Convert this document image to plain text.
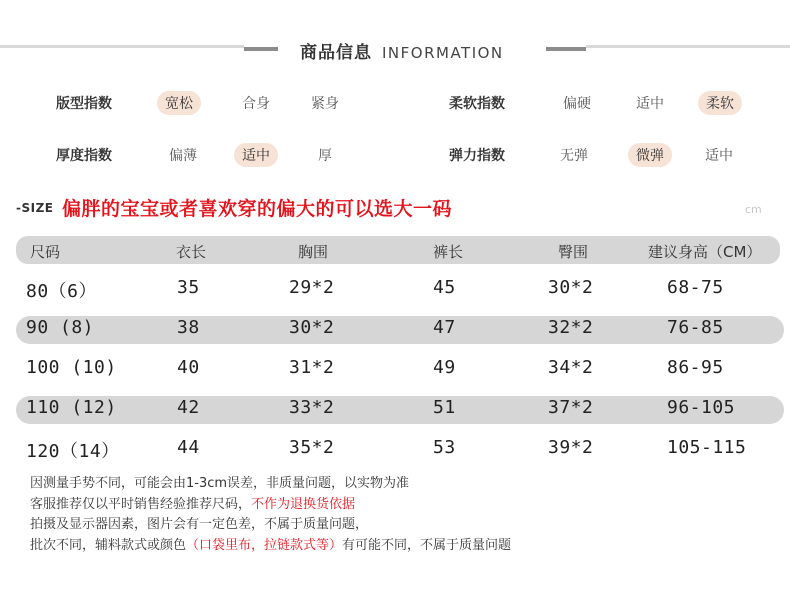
商品信息 INFORMATION
版型指数	宽松	合身	紧身	柔软指数	偏硬	适中	柔软
厚度指数	偏薄	适中	厚	弹力指数	无弹	微弹	适中
-SIZE 偏胖的宝宝或者喜欢穿的偏大的可以选大一码	cm
尺码	衣长	胸围	裤长	臀围	建议身高（CM）
80（6）	35	29*2	45	30*2	68-75
90 (8)	38	30*2	47	32*2	76-85
100 (10)	40	31*2	49	34*2	86-95
110 (12)	42	33*2	51	37*2	96-105
120（14）	44	35*2	53	39*2	105-115
因测量手势不同，可能会由1-3cm误差，非质量问题，以实物为准
客服推荐仅以平时销售经验推荐尺码，不作为退换货依据
拍摄及显示器因素，图片会有一定色差，不属于质量问题，
批次不同，辅料款式或颜色（口袋里布，拉链款式等）有可能不同，不属于质量问题
